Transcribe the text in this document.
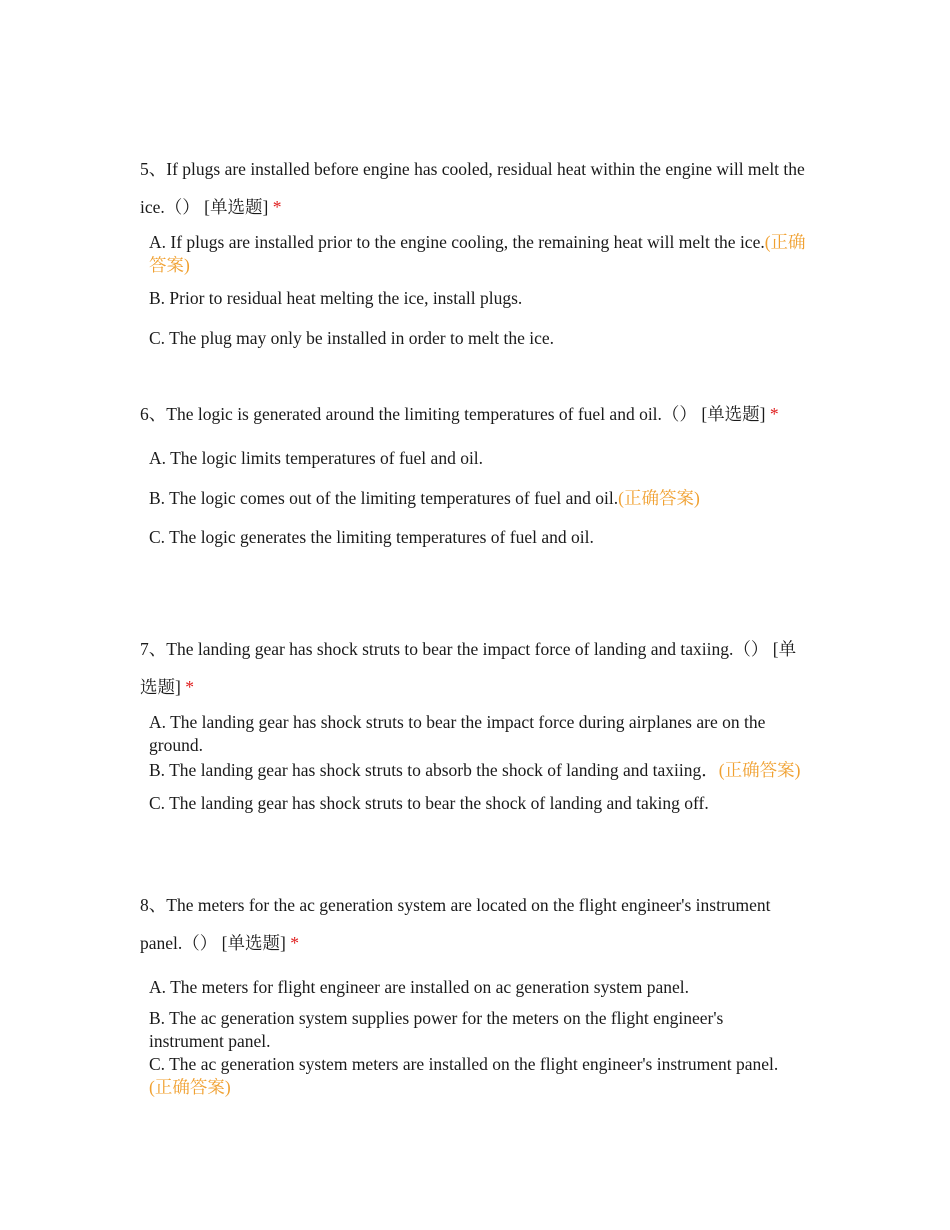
5、If plugs are installed before engine has cooled, residual heat within the engine will melt the ice.（） [单选题] *

A. If plugs are installed prior to the engine cooling, the remaining heat will melt the ice.(正确答案)

B. Prior to residual heat melting the ice, install plugs.

C. The plug may only be installed in order to melt the ice.

6、The logic is generated around the limiting temperatures of fuel and oil.（） [单选题] *

A. The logic limits temperatures of fuel and oil.

B. The logic comes out of the limiting temperatures of fuel and oil.(正确答案)

C. The logic generates the limiting temperatures of fuel and oil.

7、The landing gear has shock struts to bear the impact force of landing and taxiing.（） [单选题] *

A. The landing gear has shock struts to bear the impact force during airplanes are on the ground.

B. The landing gear has shock struts to absorb the shock of landing and taxiing．(正确答案)

C. The landing gear has shock struts to bear the shock of landing and taking off.

8、The meters for the ac generation system are located on the flight engineer's instrument panel.（） [单选题] *

A. The meters for flight engineer are installed on ac generation system panel.

B. The ac generation system supplies power for the meters on the flight engineer's instrument panel.

C. The ac generation system meters are installed on the flight engineer's instrument panel.(正确答案)
